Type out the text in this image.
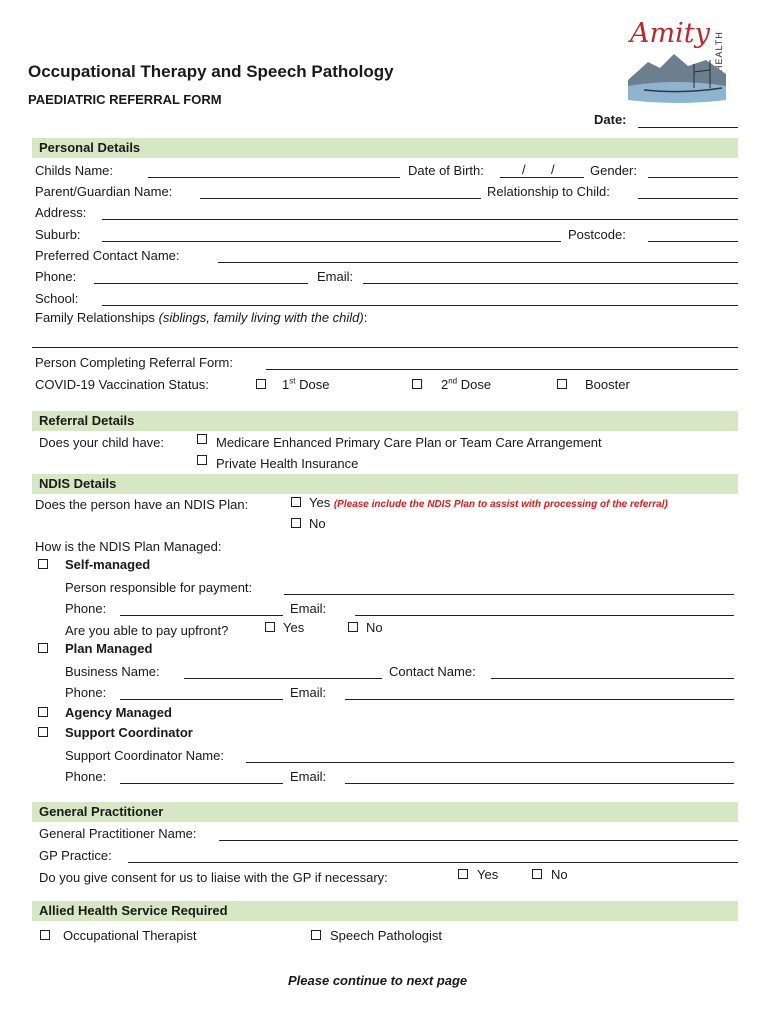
Amity HEALTH
Occupational Therapy and Speech Pathology
PAEDIATRIC REFERRAL FORM
Date:
Personal Details
Childs Name:	Date of Birth:	/ /	Gender:
Parent/Guardian Name:	Relationship to Child:
Address:
Suburb:	Postcode:
Preferred Contact Name:
Phone:	Email:
School:
Family Relationships (siblings, family living with the child):
Person Completing Referral Form:
COVID-19 Vaccination Status:	1st Dose	2nd Dose	Booster
Referral Details
Does your child have:	Medicare Enhanced Primary Care Plan or Team Care Arrangement
Private Health Insurance
NDIS Details
Does the person have an NDIS Plan:	Yes (Please include the NDIS Plan to assist with processing of the referral)
No
How is the NDIS Plan Managed:
Self-managed
Person responsible for payment:
Phone:	Email:
Are you able to pay upfront?	Yes	No
Plan Managed
Business Name:	Contact Name:
Phone:	Email:
Agency Managed
Support Coordinator
Support Coordinator Name:
Phone:	Email:
General Practitioner
General Practitioner Name:
GP Practice:
Do you give consent for us to liaise with the GP if necessary:	Yes	No
Allied Health Service Required
Occupational Therapist	Speech Pathologist
Please continue to next page
